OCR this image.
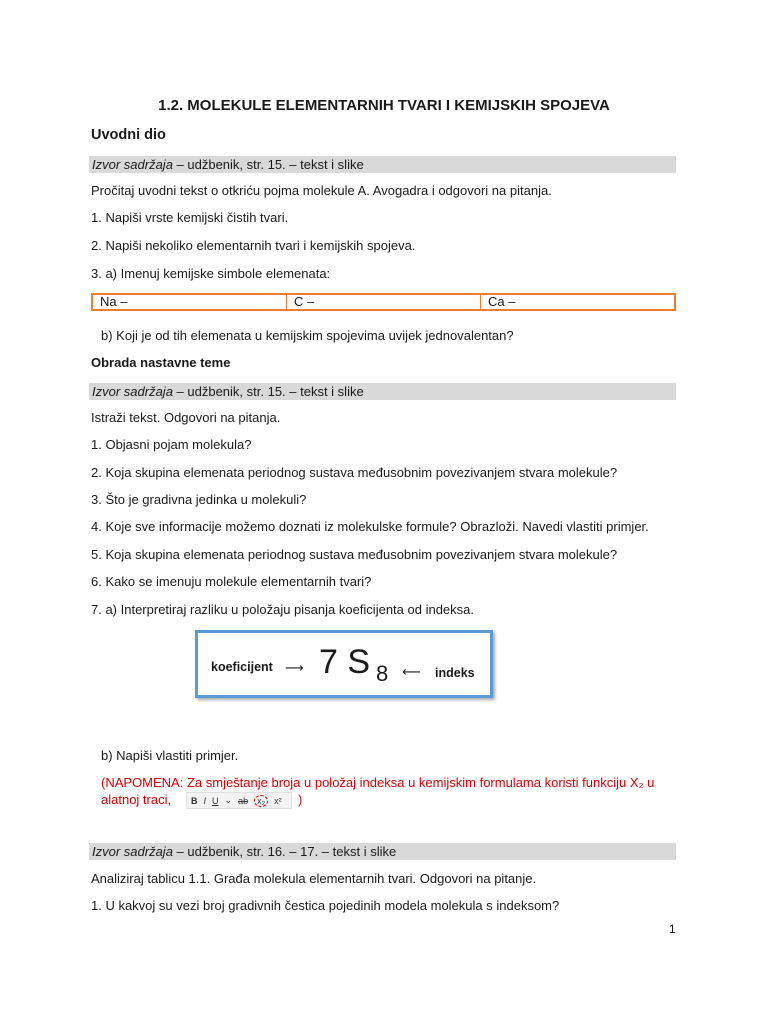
1.2. MOLEKULE ELEMENTARNIH TVARI I KEMIJSKIH SPOJEVA
Uvodni dio
Izvor sadržaja – udžbenik, str. 15. – tekst i slike
Pročitaj uvodni tekst o otkriću pojma molekule A. Avogadra i odgovori na pitanja.
1. Napiši vrste kemijski čistih tvari.
2. Napiši nekoliko elementarnih tvari i kemijskih spojeva.
3. a) Imenuj kemijske simbole elemenata:
Na –	C –	Ca –
b) Koji je od tih elemenata u kemijskim spojevima uvijek jednovalentan?
Obrada nastavne teme
Izvor sadržaja – udžbenik, str. 15. – tekst i slike
Istraži tekst. Odgovori na pitanja.
1. Objasni pojam molekula?
2. Koja skupina elemenata periodnog sustava međusobnim povezivanjem stvara molekule?
3. Što je gradivna jedinka u molekuli?
4. Koje sve informacije možemo doznati iz molekulske formule? Obrazloži. Navedi vlastiti primjer.
5. Koja skupina elemenata periodnog sustava međusobnim povezivanjem stvara molekule?
6. Kako se imenuju molekule elementarnih tvari?
7. a) Interpretiraj razliku u položaju pisanja koeficijenta od indeksa.
koeficijent ⟶ 7 S 8 ⟵ indeks
b) Napiši vlastiti primjer.
(NAPOMENA: Za smještanje broja u položaj indeksa u kemijskim formulama koristi funkciju X₂ u
alatnoj traci, B I U ⌄ ab	x₂	x² )
Izvor sadržaja – udžbenik, str. 16. – 17. – tekst i slike
Analiziraj tablicu 1.1. Građa molekula elementarnih tvari. Odgovori na pitanje.
1. U kakvoj su vezi broj gradivnih čestica pojedinih modela molekula s indeksom?
1
